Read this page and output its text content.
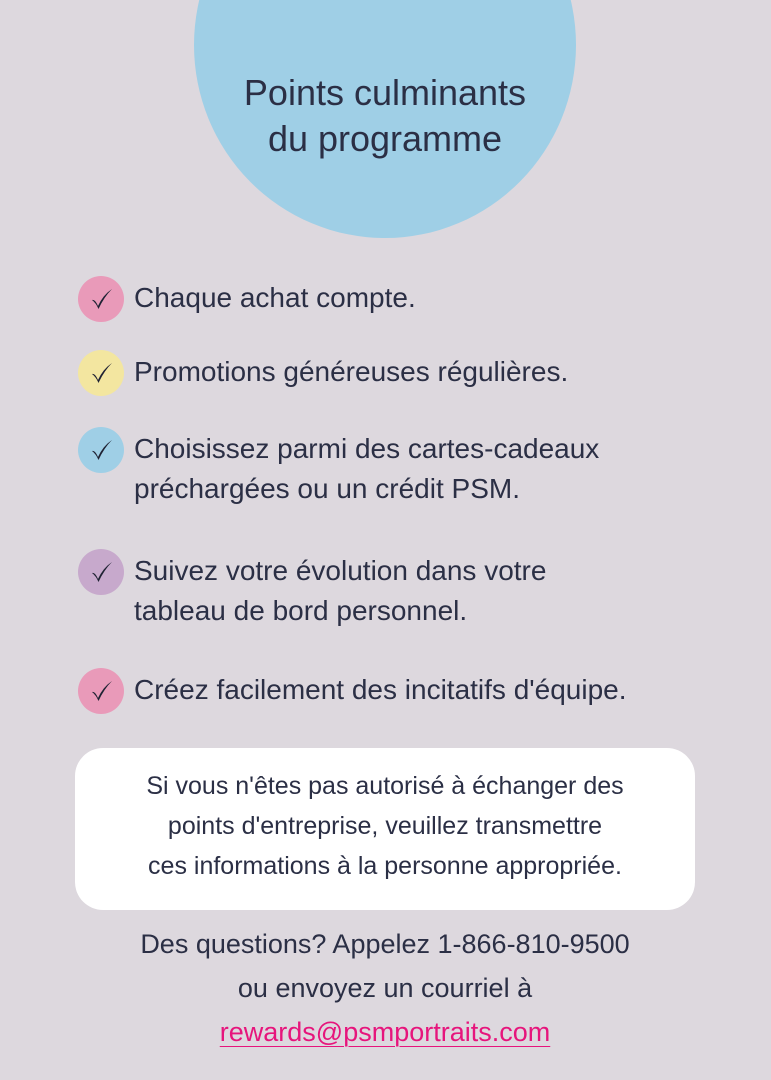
Points culminants
du programme
Chaque achat compte.
Promotions généreuses régulières.
Choisissez parmi des cartes-cadeaux
préchargées ou un crédit PSM.
Suivez votre évolution dans votre
tableau de bord personnel.
Créez facilement des incitatifs d'équipe.
Si vous n'êtes pas autorisé à échanger des
points d'entreprise, veuillez transmettre
ces informations à la personne appropriée.
Des questions? Appelez 1-866-810-9500
ou envoyez un courriel à
rewards@psmportraits.com
